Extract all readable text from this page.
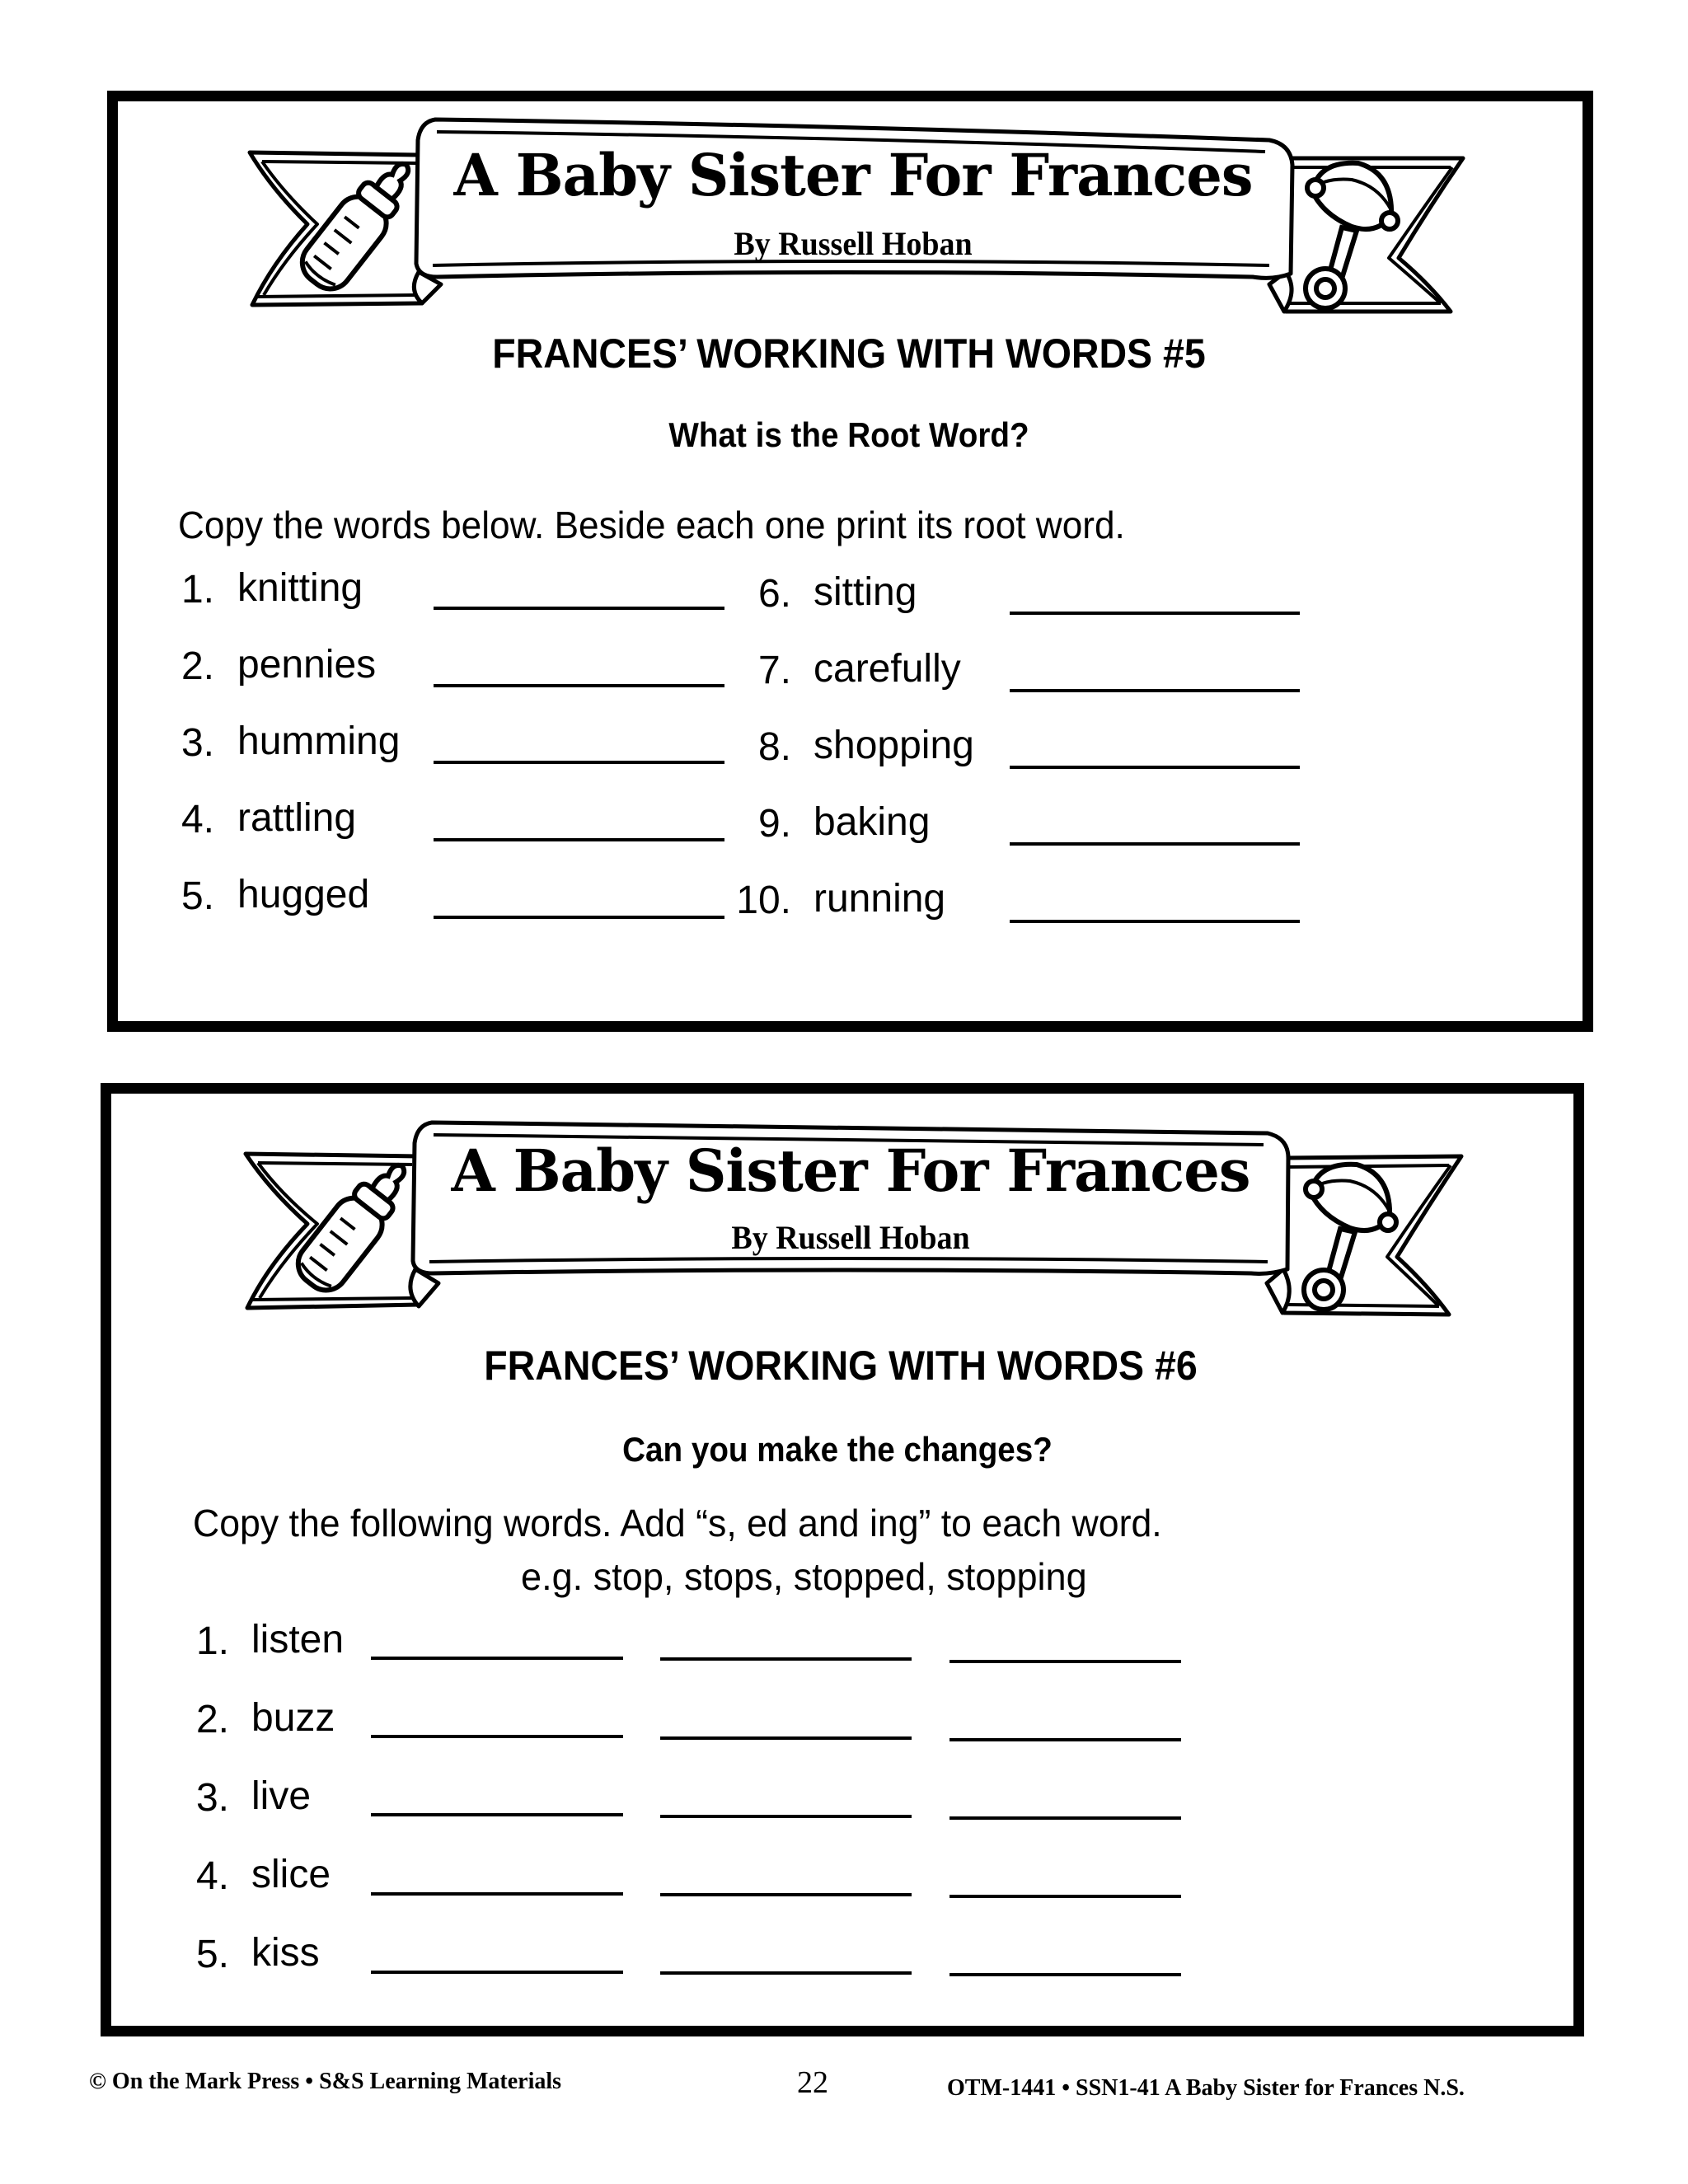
A Baby Sister For Frances
By Russell Hoban
FRANCES’ WORKING WITH WORDS #5
What is the Root Word?
Copy the words below. Beside each one print its root word.
1. knitting
2. pennies
3. humming
4. rattling
5. hugged
6. sitting
7. carefully
8. shopping
9. baking
10. running
A Baby Sister For Frances
By Russell Hoban
FRANCES’ WORKING WITH WORDS #6
Can you make the changes?
Copy the following words. Add “s, ed and ing” to each word.
e.g. stop, stops, stopped, stopping
1. listen
2. buzz
3. live
4. slice
5. kiss
© On the Mark Press • S&S Learning Materials	22	OTM-1441 • SSN1-41 A Baby Sister for Frances N.S.
